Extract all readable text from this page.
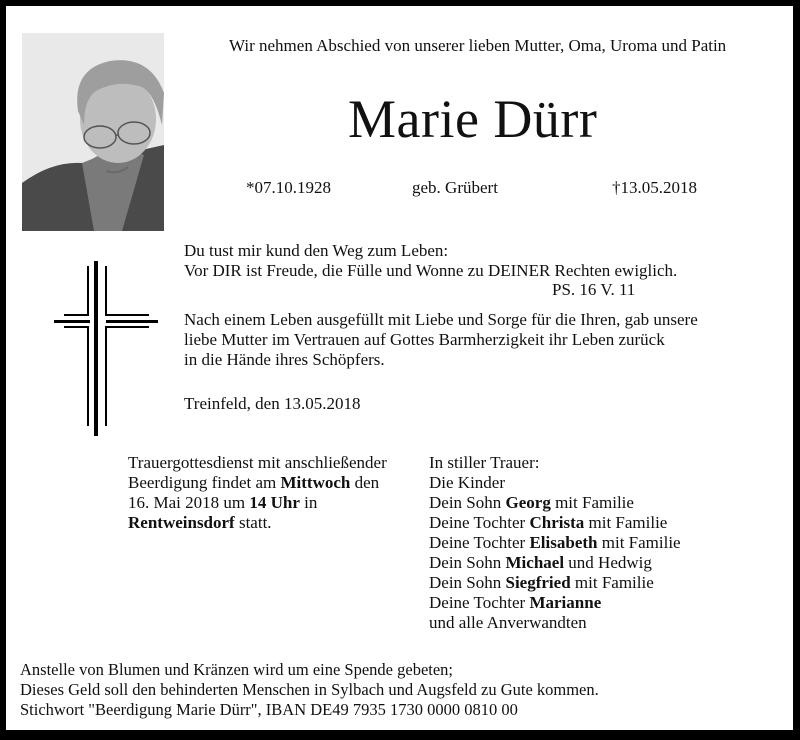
Wir nehmen Abschied von unserer lieben Mutter, Oma, Uroma und Patin
Marie Dürr
*07.10.1928	geb. Grübert	†13.05.2018
Du tust mir kund den Weg zum Leben:
Vor DIR ist Freude, die Fülle und Wonne zu DEINER Rechten ewiglich.
PS. 16 V. 11
Nach einem Leben ausgefüllt mit Liebe und Sorge für die Ihren, gab unsere
liebe Mutter im Vertrauen auf Gottes Barmherzigkeit ihr Leben zurück
in die Hände ihres Schöpfers.
Treinfeld, den 13.05.2018
Trauergottesdienst mit anschließender
Beerdigung findet am Mittwoch den
16. Mai 2018 um 14 Uhr in
Rentweinsdorf statt.
In stiller Trauer:
Die Kinder
Dein Sohn Georg mit Familie
Deine Tochter Christa mit Familie
Deine Tochter Elisabeth mit Familie
Dein Sohn Michael und Hedwig
Dein Sohn Siegfried mit Familie
Deine Tochter Marianne
und alle Anverwandten
Anstelle von Blumen und Kränzen wird um eine Spende gebeten;
Dieses Geld soll den behinderten Menschen in Sylbach und Augsfeld zu Gute kommen.
Stichwort "Beerdigung Marie Dürr", IBAN DE49 7935 1730 0000 0810 00
